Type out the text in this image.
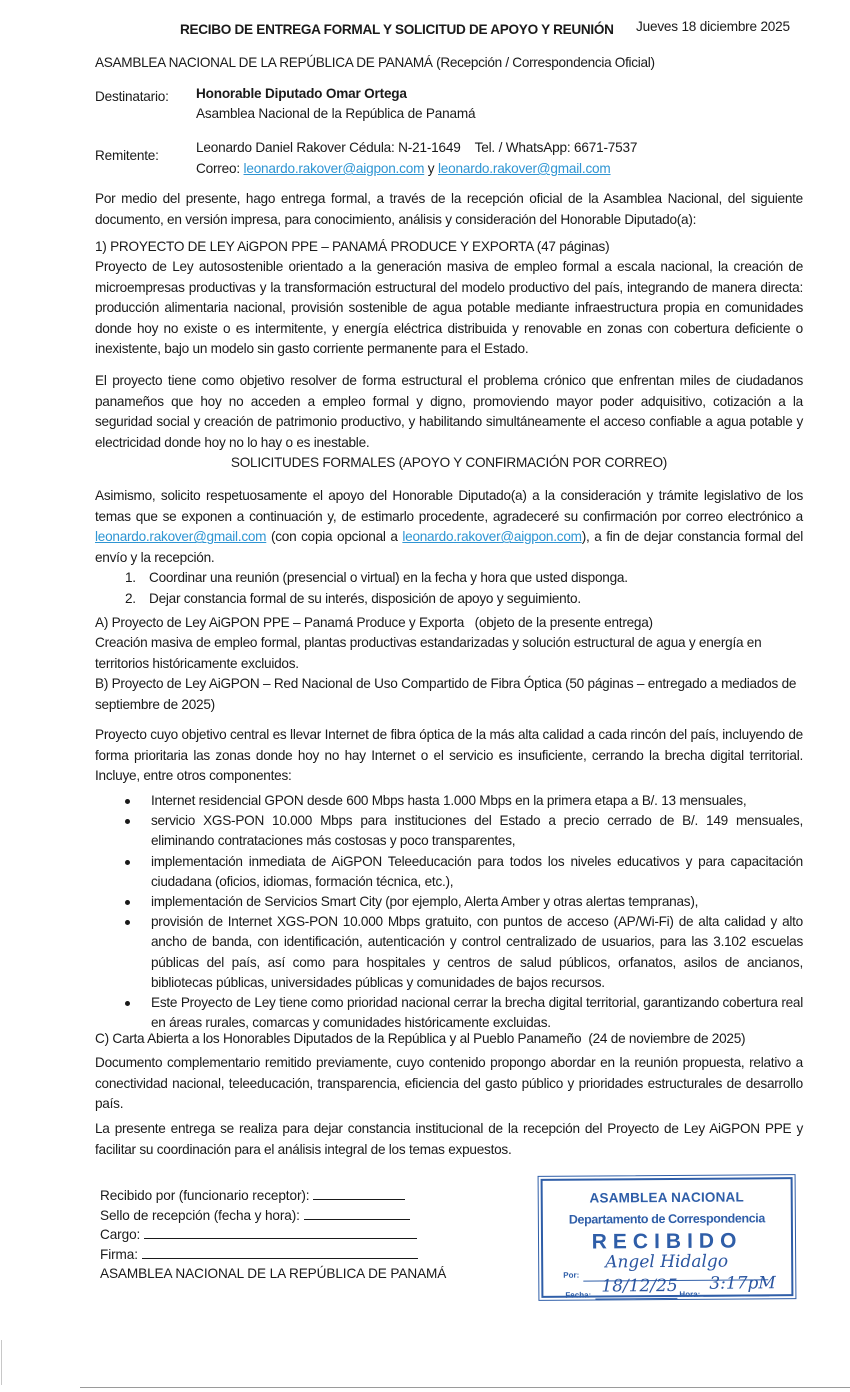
RECIBO DE ENTREGA FORMAL Y SOLICITUD DE APOYO Y REUNIÓN Jueves 18 diciembre 2025
ASAMBLEA NACIONAL DE LA REPÚBLICA DE PANAMÁ (Recepción / Correspondencia Oficial)
Destinatario: Honorable Diputado Omar Ortega
Asamblea Nacional de la República de Panamá
Remitente:
Leonardo Daniel Rakover Cédula: N-21-1649    Tel. / WhatsApp: 6671-7537
Correo: leonardo.rakover@aigpon.com y leonardo.rakover@gmail.com
Por medio del presente, hago entrega formal, a través de la recepción oficial de la Asamblea Nacional, del siguiente documento, en versión impresa, para conocimiento, análisis y consideración del Honorable Diputado(a):
1) PROYECTO DE LEY AiGPON PPE – PANAMÁ PRODUCE Y EXPORTA (47 páginas)
Proyecto de Ley autosostenible orientado a la generación masiva de empleo formal a escala nacional, la creación de microempresas productivas y la transformación estructural del modelo productivo del país, integrando de manera directa: producción alimentaria nacional, provisión sostenible de agua potable mediante infraestructura propia en comunidades donde hoy no existe o es intermitente, y energía eléctrica distribuida y renovable en zonas con cobertura deficiente o inexistente, bajo un modelo sin gasto corriente permanente para el Estado.
El proyecto tiene como objetivo resolver de forma estructural el problema crónico que enfrentan miles de ciudadanos panameños que hoy no acceden a empleo formal y digno, promoviendo mayor poder adquisitivo, cotización a la seguridad social y creación de patrimonio productivo, y habilitando simultáneamente el acceso confiable a agua potable y electricidad donde hoy no lo hay o es inestable.
SOLICITUDES FORMALES (APOYO Y CONFIRMACIÓN POR CORREO)
Asimismo, solicito respetuosamente el apoyo del Honorable Diputado(a) a la consideración y trámite legislativo de los temas que se exponen a continuación y, de estimarlo procedente, agradeceré su confirmación por correo electrónico a leonardo.rakover@gmail.com (con copia opcional a leonardo.rakover@aigpon.com), a fin de dejar constancia formal del envío y la recepción.
1. Coordinar una reunión (presencial o virtual) en la fecha y hora que usted disponga.
2. Dejar constancia formal de su interés, disposición de apoyo y seguimiento.
A) Proyecto de Ley AiGPON PPE – Panamá Produce y Exporta   (objeto de la presente entrega)
Creación masiva de empleo formal, plantas productivas estandarizadas y solución estructural de agua y energía en territorios históricamente excluidos.
B) Proyecto de Ley AiGPON – Red Nacional de Uso Compartido de Fibra Óptica (50 páginas – entregado a mediados de septiembre de 2025)
Proyecto cuyo objetivo central es llevar Internet de fibra óptica de la más alta calidad a cada rincón del país, incluyendo de forma prioritaria las zonas donde hoy no hay Internet o el servicio es insuficiente, cerrando la brecha digital territorial. Incluye, entre otros componentes:
Internet residencial GPON desde 600 Mbps hasta 1.000 Mbps en la primera etapa a B/. 13 mensuales,
servicio XGS-PON 10.000 Mbps para instituciones del Estado a precio cerrado de B/. 149 mensuales, eliminando contrataciones más costosas y poco transparentes,
implementación inmediata de AiGPON Teleeducación para todos los niveles educativos y para capacitación ciudadana (oficios, idiomas, formación técnica, etc.),
implementación de Servicios Smart City (por ejemplo, Alerta Amber y otras alertas tempranas),
provisión de Internet XGS-PON 10.000 Mbps gratuito, con puntos de acceso (AP/Wi-Fi) de alta calidad y alto ancho de banda, con identificación, autenticación y control centralizado de usuarios, para las 3.102 escuelas públicas del país, así como para hospitales y centros de salud públicos, orfanatos, asilos de ancianos, bibliotecas públicas, universidades públicas y comunidades de bajos recursos.
Este Proyecto de Ley tiene como prioridad nacional cerrar la brecha digital territorial, garantizando cobertura real en áreas rurales, comarcas y comunidades históricamente excluidas.
C) Carta Abierta a los Honorables Diputados de la República y al Pueblo Panameño  (24 de noviembre de 2025)
Documento complementario remitido previamente, cuyo contenido propongo abordar en la reunión propuesta, relativo a conectividad nacional, teleeducación, transparencia, eficiencia del gasto público y prioridades estructurales de desarrollo país.
La presente entrega se realiza para dejar constancia institucional de la recepción del Proyecto de Ley AiGPON PPE y facilitar su coordinación para el análisis integral de los temas expuestos.
Recibido por (funcionario receptor):
Sello de recepción (fecha y hora):
Cargo:
Firma:
ASAMBLEA NACIONAL DE LA REPÚBLICA DE PANAMÁ
ASAMBLEA NACIONAL
Departamento de Correspondencia
RECIBIDO
Por:
Angel Hidalgo
Fecha: 18/12/25 Hora:
3:17pM
